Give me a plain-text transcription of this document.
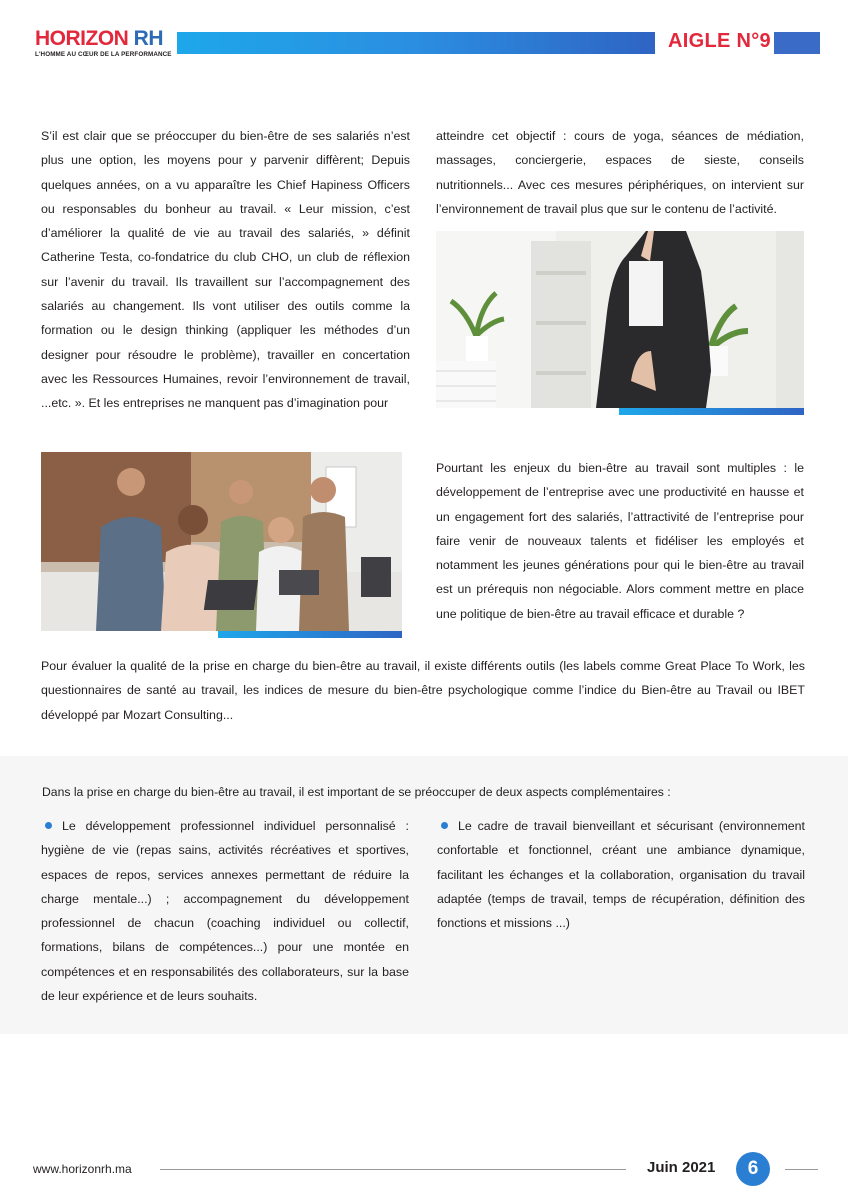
HORIZON RH
L'HOMME AU CŒUR DE LA PERFORMANCE
AIGLE N°9

S’il est clair que se préoccuper du bien-être de ses salariés n’est plus une option, les moyens pour y parvenir diffèrent; Depuis quelques années, on a vu apparaître les Chief Hapiness Officers ou responsables du bonheur au travail. « Leur mission, c’est d’améliorer la qualité de vie au travail des salariés, » définit Catherine Testa, co-fondatrice du club CHO, un club de réflexion sur l’avenir du travail. Ils travaillent sur l’accompagnement des salariés au changement. Ils vont utiliser des outils comme la formation ou le design thinking (appliquer les méthodes d’un designer pour résoudre le problème), travailler en concertation avec les Ressources Humaines, revoir l’environnement de travail, ...etc. ». Et les entreprises ne manquent pas d’imagination pour

atteindre cet objectif : cours de yoga, séances de médiation, massages, conciergerie, espaces de sieste, conseils nutritionnels... Avec ces mesures périphériques, on intervient sur l’environnement de travail plus que sur le contenu de l’activité.

Pourtant les enjeux du bien-être au travail sont multiples : le développement de l’entreprise avec une productivité en hausse et un engagement fort des salariés, l’attractivité de l’entreprise pour faire venir de nouveaux talents et fidéliser les employés et notamment les jeunes générations pour qui le bien-être au travail est un prérequis non négociable. Alors comment mettre en place une politique de bien-être au travail efficace et durable ?

Pour évaluer la qualité de la prise en charge du bien-être au travail, il existe différents outils (les labels comme Great Place To Work, les questionnaires de santé au travail, les indices de mesure du bien-être psychologique comme l’indice du Bien-être au Travail ou IBET développé par Mozart Consulting...

Dans la prise en charge du bien-être au travail, il est important de se préoccuper de deux aspects complémentaires :

Le développement professionnel individuel personnalisé : hygiène de vie (repas sains, activités récréatives et sportives, espaces de repos, services annexes permettant de réduire la charge mentale...) ; accompagnement du développement professionnel de chacun (coaching individuel ou collectif, formations, bilans de compétences...) pour une montée en compétences et en responsabilités des collaborateurs, sur la base de leur expérience et de leurs souhaits.

Le cadre de travail bienveillant et sécurisant (environnement confortable et fonctionnel, créant une ambiance dynamique, facilitant les échanges et la collaboration, organisation du travail adaptée (temps de travail, temps de récupération, définition des fonctions et missions ...)

www.horizonrh.ma	Juin 2021	6
